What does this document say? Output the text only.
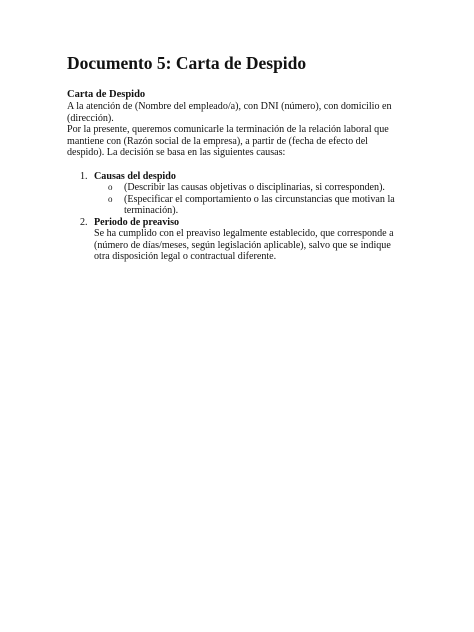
Documento 5: Carta de Despido
Carta de Despido

A la atención de (Nombre del empleado/a), con DNI (número), con domicilio en (dirección).

Por la presente, queremos comunicarle la terminación de la relación laboral que mantiene con (Razón social de la empresa), a partir de (fecha de efecto del despido). La decisión se basa en las siguientes causas:

1. Causas del despido
o (Describir las causas objetivas o disciplinarias, si corresponden).
o (Especificar el comportamiento o las circunstancias que motivan la terminación).
2. Periodo de preaviso
Se ha cumplido con el preaviso legalmente establecido, que corresponde a (número de días/meses, según legislación aplicable), salvo que se indique otra disposición legal o contractual diferente.
